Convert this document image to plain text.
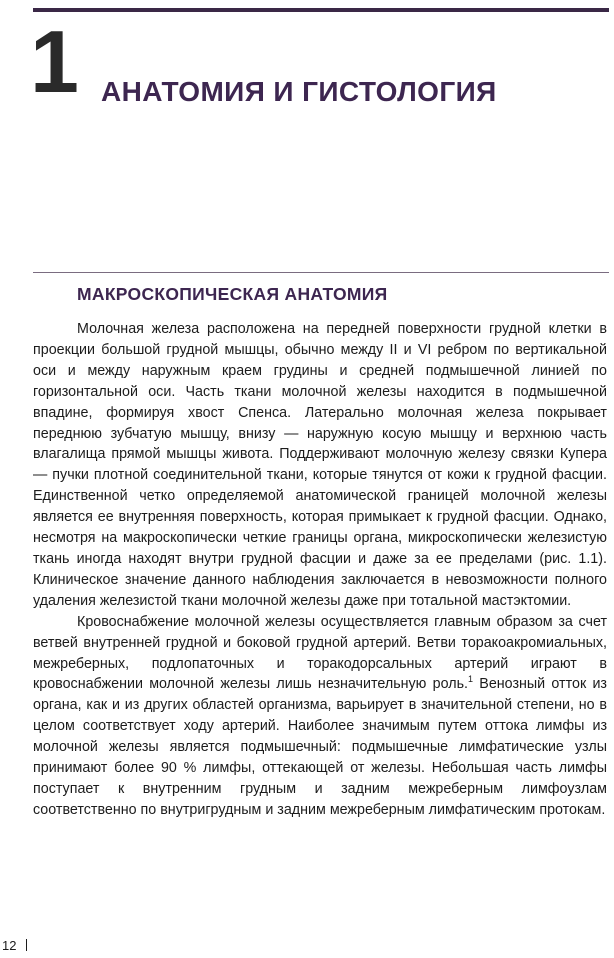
1 АНАТОМИЯ И ГИСТОЛОГИЯ
МАКРОСКОПИЧЕСКАЯ АНАТОМИЯ

Молочная железа расположена на передней поверхности грудной клетки в проекции большой грудной мышцы, обычно между II и VI ребром по вертикальной оси и между наружным краем грудины и средней подмышечной линией по горизонтальной оси. Часть ткани молочной железы находится в подмышечной впадине, формируя хвост Спенса. Латерально молочная железа покрывает переднюю зубчатую мышцу, внизу — наружную косую мышцу и верхнюю часть влагалища прямой мышцы живота. Поддерживают молочную железу связки Купера — пучки плотной соединительной ткани, которые тянутся от кожи к грудной фасции. Единственной четко определяемой анатомической границей молочной железы является ее внутренняя поверхность, которая примыкает к грудной фасции. Однако, несмотря на макроскопически четкие границы органа, микроскопически железистую ткань иногда находят внутри грудной фасции и даже за ее пределами (рис. 1.1). Клиническое значение данного наблюдения заключается в невозможности полного удаления железистой ткани молочной железы даже при тотальной мастэктомии.

Кровоснабжение молочной железы осуществляется главным образом за счет ветвей внутренней грудной и боковой грудной артерий. Ветви торакоакромиальных, межреберных, подлопаточных и торакодорсальных артерий играют в кровоснабжении молочной железы лишь незначительную роль.$^1$ Венозный отток из органа, как и из других областей организма, варьирует в значительной степени, но в целом соответствует ходу артерий. Наиболее значимым путем оттока лимфы из молочной железы является подмышечный: подмышечные лимфатические узлы принимают более 90 % лимфы, оттекающей от железы. Небольшая часть лимфы поступает к внутренним грудным и задним межреберным лимфоузлам соответственно по внутригрудным и задним межреберным лимфатическим протокам.

12
